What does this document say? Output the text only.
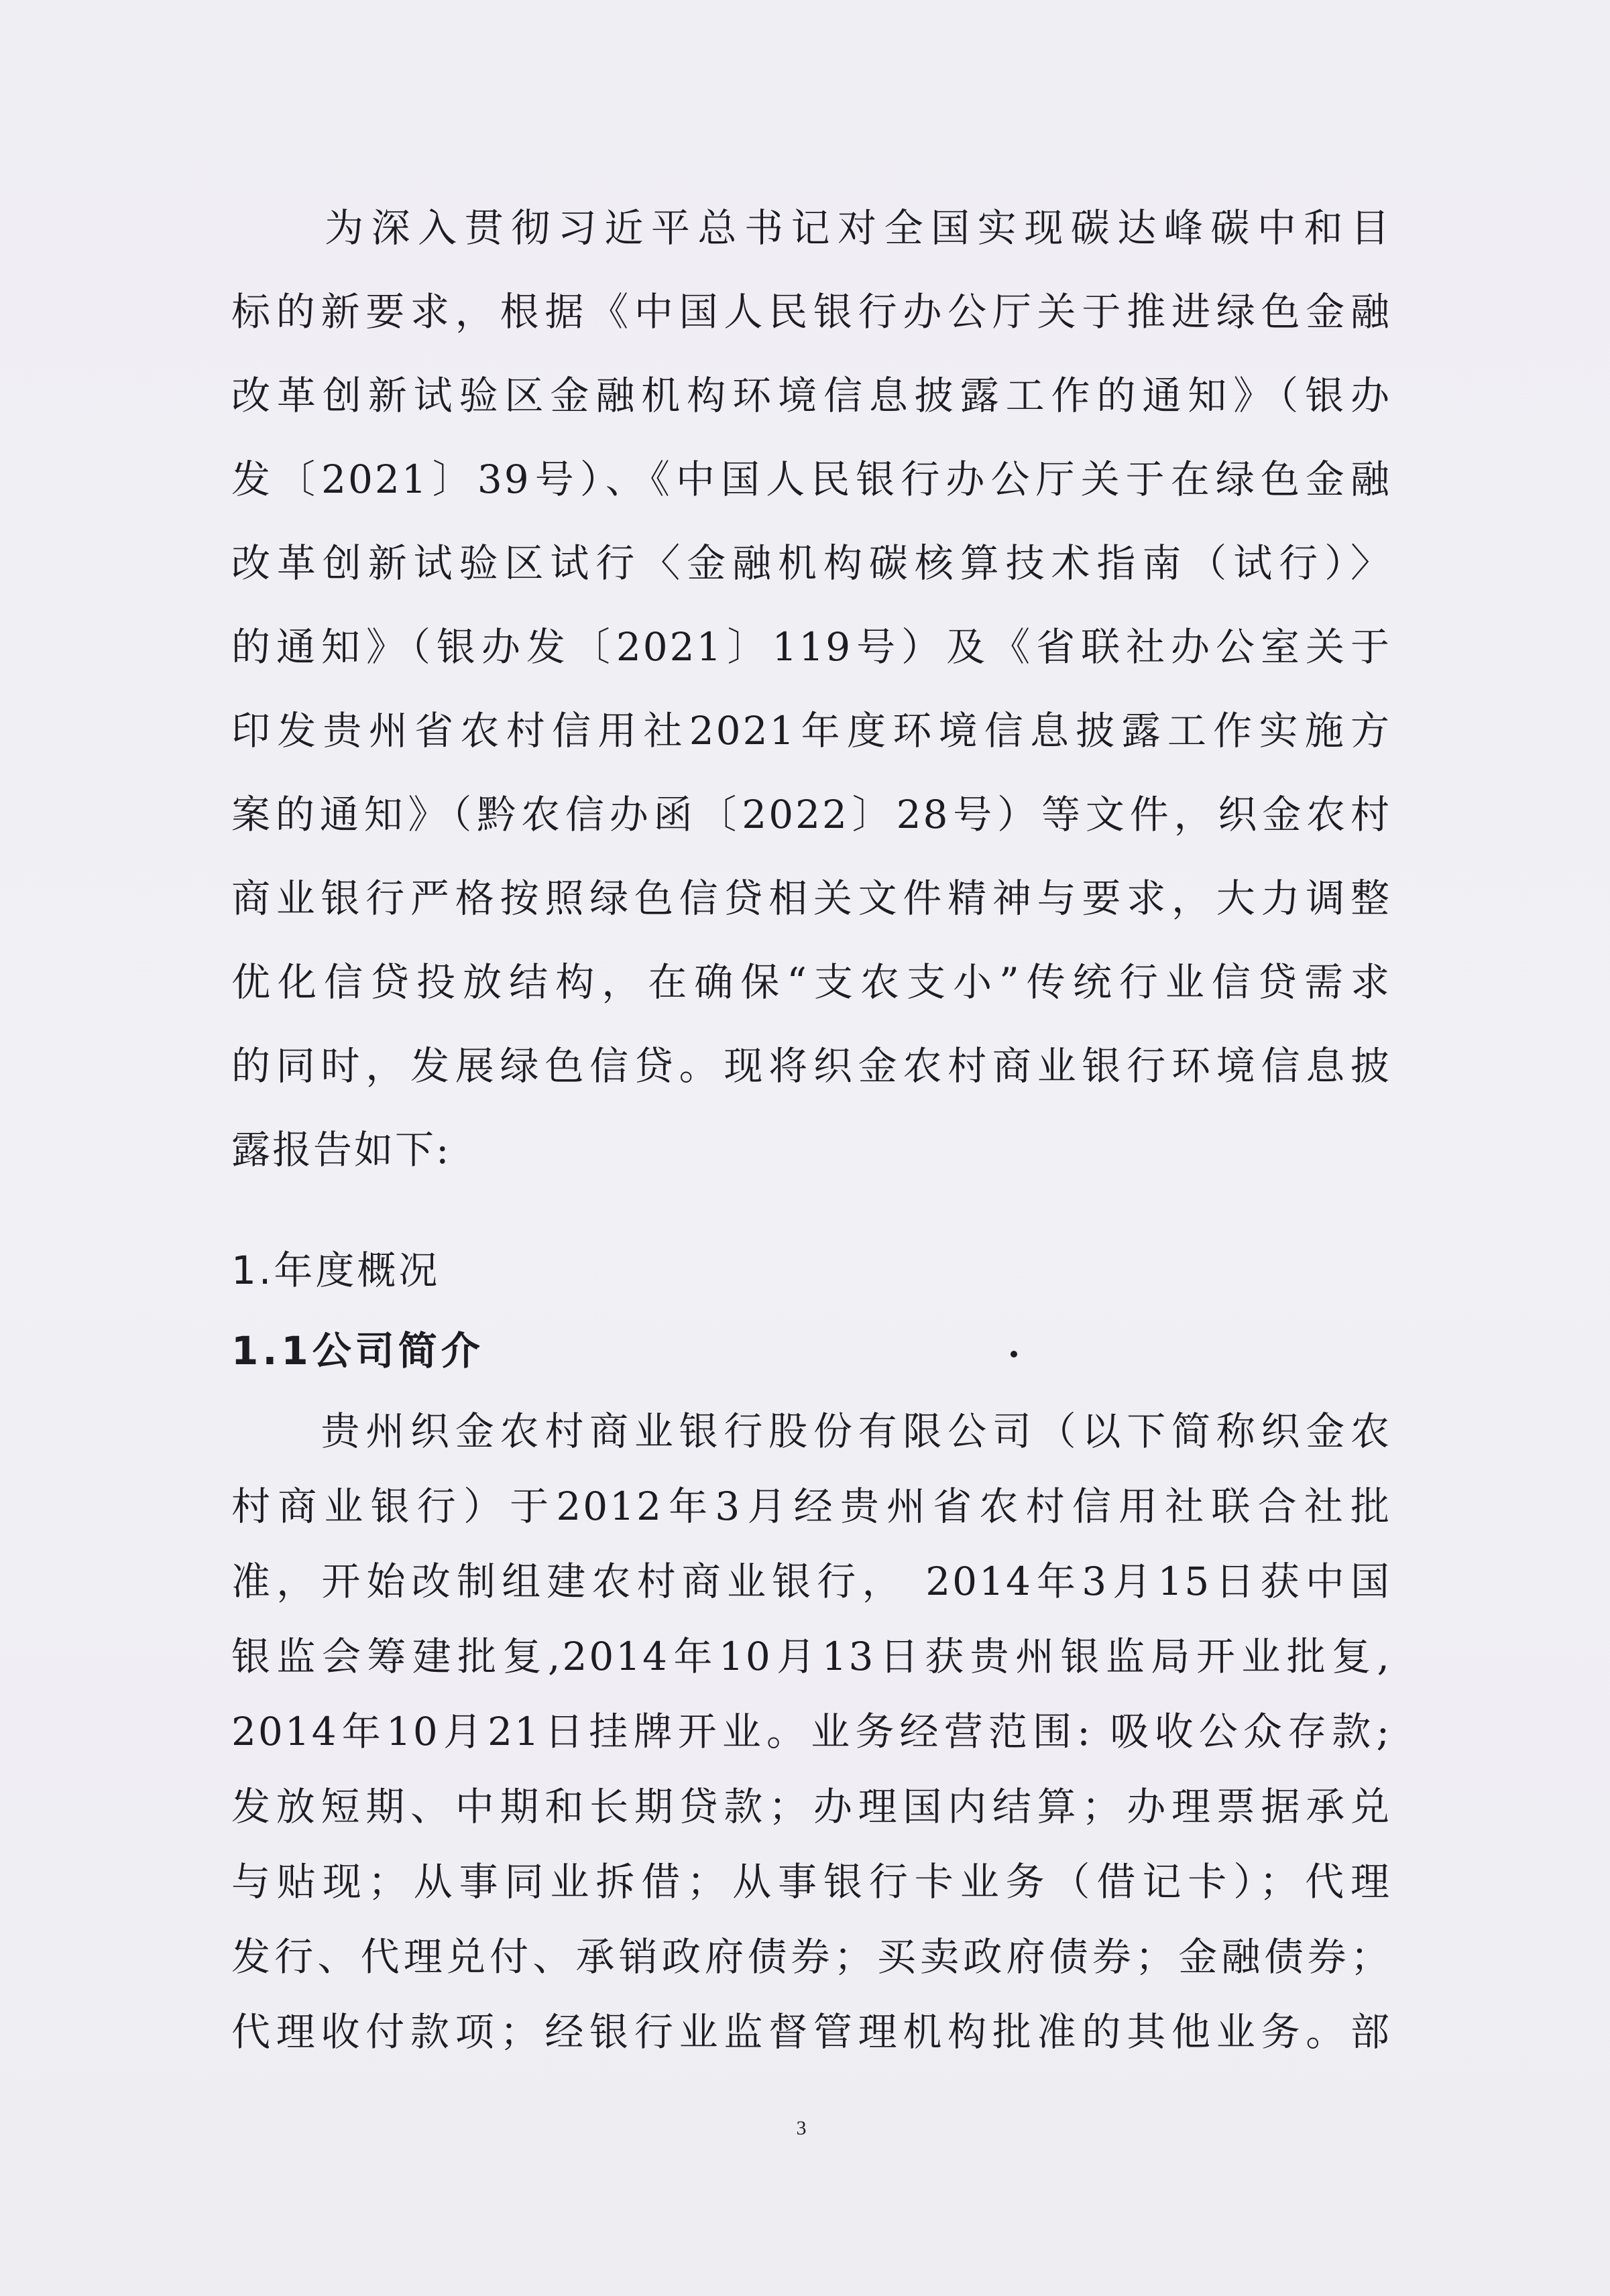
　　为深入贯彻习近平总书记对全国实现碳达峰碳中和目
标的新要求，根据《中国人民银行办公厅关于推进绿色金融
改革创新试验区金融机构环境信息披露工作的通知》（银办
发〔2021〕39号）、《中国人民银行办公厅关于在绿色金融
改革创新试验区试行〈金融机构碳核算技术指南（试行）〉
的通知》（银办发〔2021〕119号）及《省联社办公室关于
印发贵州省农村信用社2021年度环境信息披露工作实施方
案的通知》（黔农信办函〔2022〕28号）等文件，织金农村
商业银行严格按照绿色信贷相关文件精神与要求，大力调整
优化信贷投放结构，在确保“支农支小”传统行业信贷需求
的同时，发展绿色信贷。现将织金农村商业银行环境信息披
露报告如下:
1.年度概况
1.1公司简介
　　贵州织金农村商业银行股份有限公司（以下简称织金农
村商业银行）于2012年3月经贵州省农村信用社联合社批
准，开始改制组建农村商业银行， 2014年3月15日获中国
银监会筹建批复,2014年10月13日获贵州银监局开业批复,
2014年10月21日挂牌开业。业务经营范围: 吸收公众存款;
发放短期、中期和长期贷款；办理国内结算；办理票据承兑
与贴现；从事同业拆借；从事银行卡业务（借记卡）；代理
发行、代理兑付、承销政府债券；买卖政府债券；金融债券；
代理收付款项；经银行业监督管理机构批准的其他业务。部
3
